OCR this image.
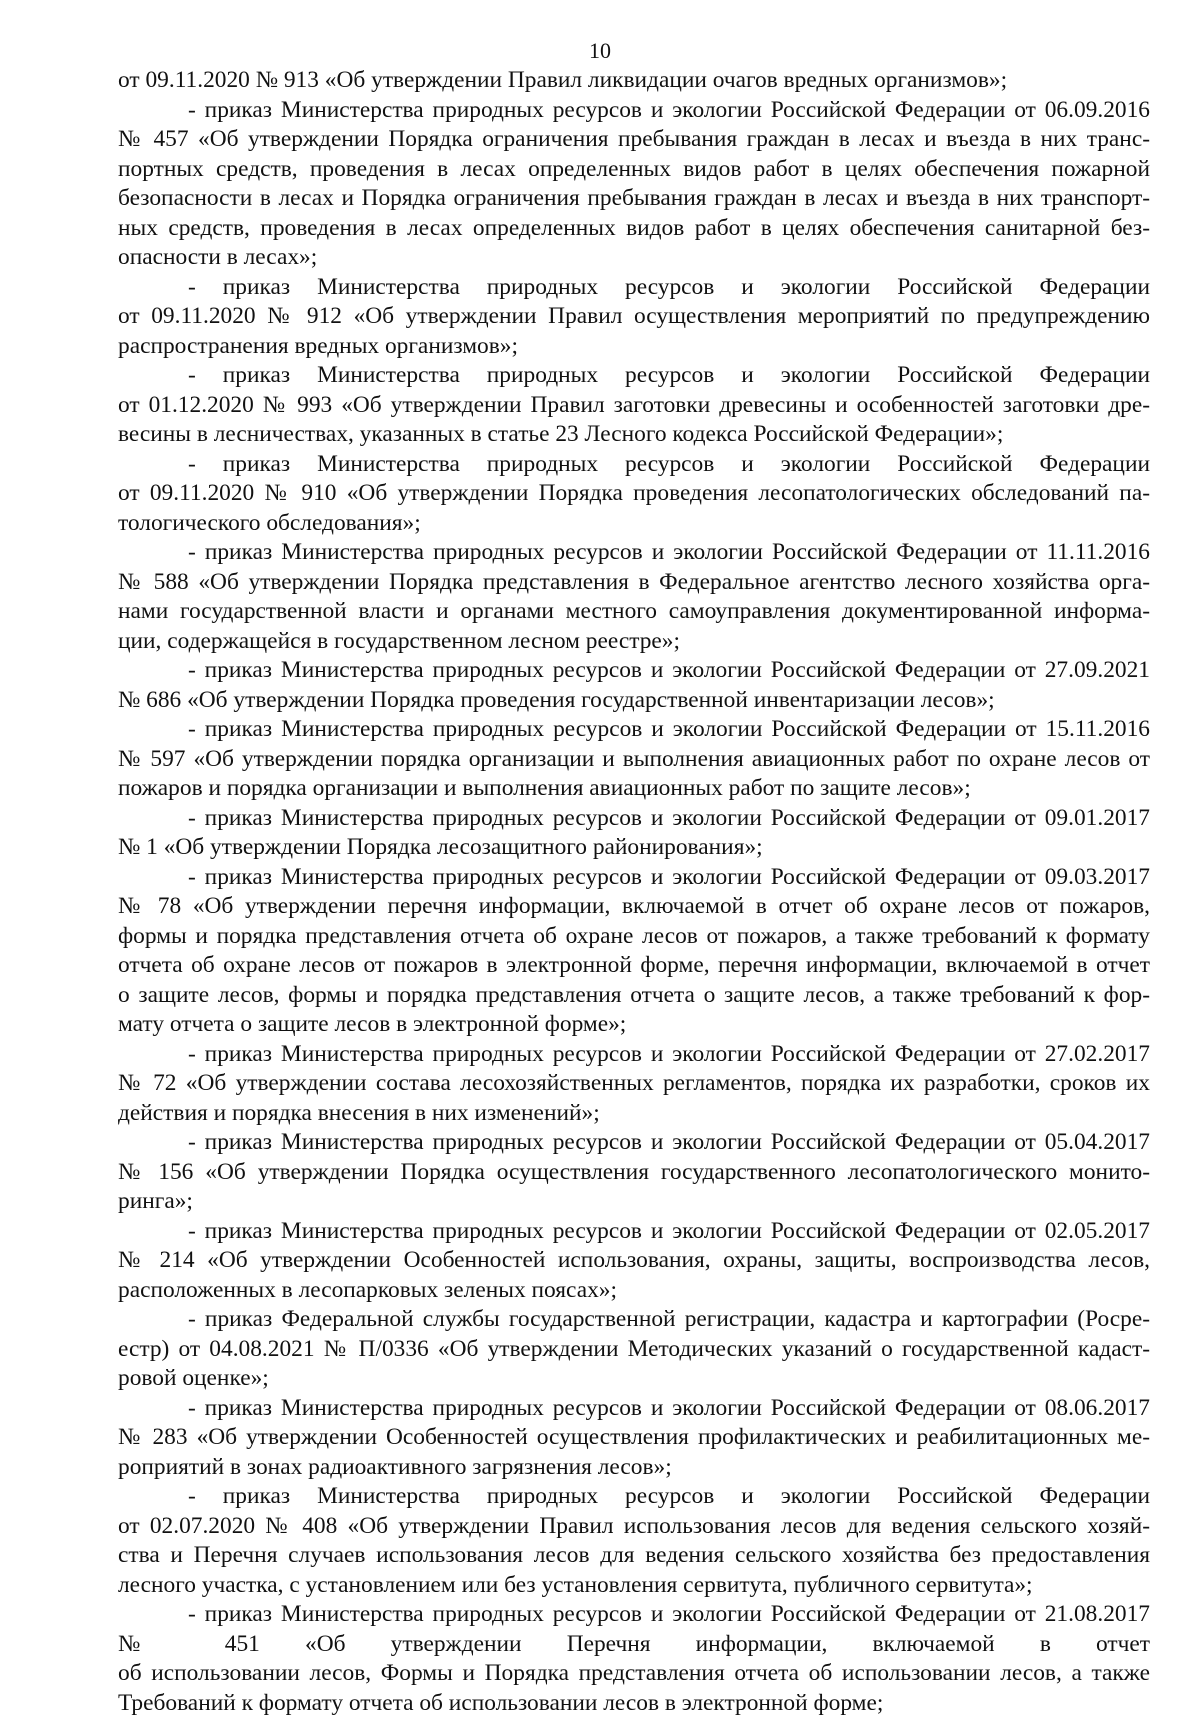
10
от 09.11.2020 № 913 «Об утверждении Правил ликвидации очагов вредных организмов»;
- приказ Министерства природных ресурсов и экологии Российской Федерации от 06.09.2016
№ 457 «Об утверждении Порядка ограничения пребывания граждан в лесах и въезда в них транс-
портных средств, проведения в лесах определенных видов работ в целях обеспечения пожарной
безопасности в лесах и Порядка ограничения пребывания граждан в лесах и въезда в них транспорт-
ных средств, проведения в лесах определенных видов работ в целях обеспечения санитарной без-
опасности в лесах»;
- приказ Министерства природных ресурсов и экологии Российской Федерации
от 09.11.2020 № 912 «Об утверждении Правил осуществления мероприятий по предупреждению
распространения вредных организмов»;
- приказ Министерства природных ресурсов и экологии Российской Федерации
от 01.12.2020 № 993 «Об утверждении Правил заготовки древесины и особенностей заготовки дре-
весины в лесничествах, указанных в статье 23 Лесного кодекса Российской Федерации»;
- приказ Министерства природных ресурсов и экологии Российской Федерации
от 09.11.2020 № 910 «Об утверждении Порядка проведения лесопатологических обследований па-
тологического обследования»;
- приказ Министерства природных ресурсов и экологии Российской Федерации от 11.11.2016
№ 588 «Об утверждении Порядка представления в Федеральное агентство лесного хозяйства орга-
нами государственной власти и органами местного самоуправления документированной информа-
ции, содержащейся в государственном лесном реестре»;
- приказ Министерства природных ресурсов и экологии Российской Федерации от 27.09.2021
№ 686 «Об утверждении Порядка проведения государственной инвентаризации лесов»;
- приказ Министерства природных ресурсов и экологии Российской Федерации от 15.11.2016
№ 597 «Об утверждении порядка организации и выполнения авиационных работ по охране лесов от
пожаров и порядка организации и выполнения авиационных работ по защите лесов»;
- приказ Министерства природных ресурсов и экологии Российской Федерации от 09.01.2017
№ 1 «Об утверждении Порядка лесозащитного районирования»;
- приказ Министерства природных ресурсов и экологии Российской Федерации от 09.03.2017
№ 78 «Об утверждении перечня информации, включаемой в отчет об охране лесов от пожаров,
формы и порядка представления отчета об охране лесов от пожаров, а также требований к формату
отчета об охране лесов от пожаров в электронной форме, перечня информации, включаемой в отчет
о защите лесов, формы и порядка представления отчета о защите лесов, а также требований к фор-
мату отчета о защите лесов в электронной форме»;
- приказ Министерства природных ресурсов и экологии Российской Федерации от 27.02.2017
№ 72 «Об утверждении состава лесохозяйственных регламентов, порядка их разработки, сроков их
действия и порядка внесения в них изменений»;
- приказ Министерства природных ресурсов и экологии Российской Федерации от 05.04.2017
№ 156 «Об утверждении Порядка осуществления государственного лесопатологического монито-
ринга»;
- приказ Министерства природных ресурсов и экологии Российской Федерации от 02.05.2017
№ 214 «Об утверждении Особенностей использования, охраны, защиты, воспроизводства лесов,
расположенных в лесопарковых зеленых поясах»;
- приказ Федеральной службы государственной регистрации, кадастра и картографии (Росре-
естр) от 04.08.2021 № П/0336 «Об утверждении Методических указаний о государственной кадаст-
ровой оценке»;
- приказ Министерства природных ресурсов и экологии Российской Федерации от 08.06.2017
№ 283 «Об утверждении Особенностей осуществления профилактических и реабилитационных ме-
роприятий в зонах радиоактивного загрязнения лесов»;
- приказ Министерства природных ресурсов и экологии Российской Федерации
от 02.07.2020 № 408 «Об утверждении Правил использования лесов для ведения сельского хозяй-
ства и Перечня случаев использования лесов для ведения сельского хозяйства без предоставления
лесного участка, с установлением или без установления сервитута, публичного сервитута»;
- приказ Министерства природных ресурсов и экологии Российской Федерации от 21.08.2017
№ 451 «Об утверждении Перечня информации, включаемой в отчет
об использовании лесов, Формы и Порядка представления отчета об использовании лесов, а также
Требований к формату отчета об использовании лесов в электронной форме;
